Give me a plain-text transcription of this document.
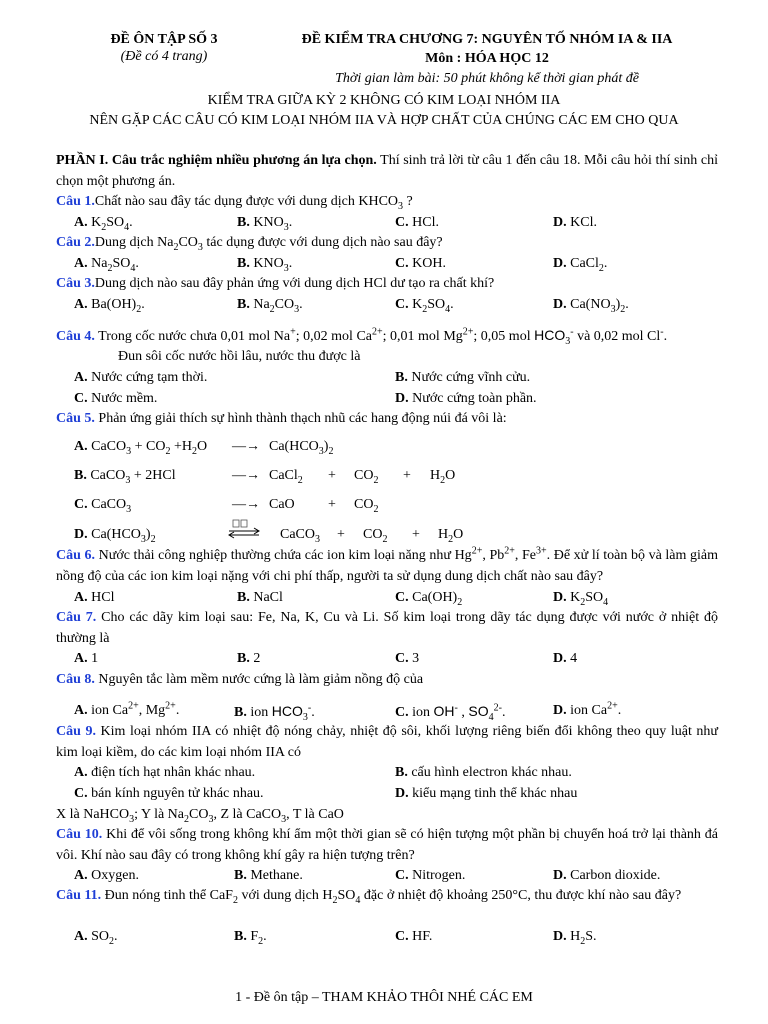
ĐỀ ÔN TẬP SỐ 3
(Đề có 4 trang)
ĐỀ KIỂM TRA CHƯƠNG 7: NGUYÊN TỐ NHÓM IA & IIA
Môn : HÓA HỌC 12
Thời gian làm bài: 50 phút không kể thời gian phát đề
KIỂM TRA GIỮA KỲ 2 KHÔNG CÓ KIM LOẠI NHÓM IIA
NÊN GẶP CÁC CÂU CÓ KIM LOẠI NHÓM IIA VÀ HỢP CHẤT CỦA CHÚNG CÁC EM CHO QUA
PHẦN I. Câu trắc nghiệm nhiều phương án lựa chọn. Thí sinh trả lời từ câu 1 đến câu 18. Mỗi câu hỏi thí sinh chỉ chọn một phương án.
Câu 1.Chất nào sau đây tác dụng được với dung dịch $KHCO_3$ ?
A. $K_2SO_4$.	B. $KNO_3$.	C. HCl.	D. KCl.
Câu 2.Dung dịch $Na_2CO_3$ tác dụng được với dung dịch nào sau đây?
A. $Na_2SO_4$.	B. $KNO_3$.	C. KOH.	D. CaCl$_2$.
Câu 3.Dung dịch nào sau đây phản ứng với dung dịch HCl dư tạo ra chất khí?
A. $Ba(OH)_2$.	B. $Na_2CO_3$.	C. $K_2SO_4$.	D. $Ca(NO_3)_2$.
Câu 4. Trong cốc nước chưa 0,01 mol Na+; 0,02 mol $Ca^{2+}$; 0,01 mol $Mg^{2+}$; 0,05 mol $HCO_3^-$ và 0,02 mol Cl-.
Đun sôi cốc nước hồi lâu, nước thu được là
A. Nước cứng tạm thời.	B. Nước cứng vĩnh cửu.
C. Nước mềm.	D. Nước cứng toàn phần.
Câu 5. Phản ứng giải thích sự hình thành thạch nhũ các hang động núi đá vôi là:
A. CaCO$_3$ + $CO_2 +H_2O$ —→ $Ca(HCO_3)_2$
B. CaCO$_3$ + 2HCl	—→ CaCl$_2$ + $CO_2 + H_2O$
C. CaCO$_3$	—→ CaO + $CO_2$
D. $Ca(HCO_3)_2$	CaCO$_3$ + $CO_2 + H_2O$
Câu 6. Nước thải công nghiệp thường chứa các ion kim loại năng như $Hg^{2+}$, $Pb^{2+}$, $Fe^{3+}$. Để xử lí toàn bộ và làm giảm nồng độ của các ion kim loại nặng với chi phí thấp, người ta sử dụng dung dịch chất nào sau đây?
A. HCl	B. NaCl	C. $Ca(OH)_2$	D. $K_2SO_4$
Câu 7. Cho các dãy kim loại sau: Fe, Na, K, Cu và Li. Số kim loại trong dãy tác dụng được với nước ở nhiệt độ thường là
A. 1	B. 2	C. 3	D. 4
Câu 8. Nguyên tắc làm mềm nước cứng là làm giảm nồng độ của
A. ion $Ca^{2+}$, $Mg^{2+}$.	B. ion $HCO_3^-$.	C. ion OH- , $SO_4^{2-}$.	D. ion $Ca^{2+}$.
Câu 9. Kim loại nhóm IIA có nhiệt độ nóng chảy, nhiệt độ sôi, khối lượng riêng biến đổi không theo quy luật như kim loại kiềm, do các kim loại nhóm IIA có
A. điện tích hạt nhân khác nhau.	B. cấu hình electron khác nhau.
C. bán kính nguyên tử khác nhau.	D. kiểu mạng tinh thể khác nhau
X là NaHCO$_3$; Y là $Na_2CO_3$, Z là CaCO$_3$, T là CaO
Câu 10. Khi để vôi sống trong không khí ẩm một thời gian sẽ có hiện tượng một phần bị chuyển hoá trở lại thành đá vôi. Khí nào sau đây có trong không khí gây ra hiện tượng trên?
A. Oxygen.	B. Methane.	C. Nitrogen.	D. Carbon dioxide.
Câu 11. Đun nóng tinh thể CaF$_2$ với dung dịch $H_2SO_4$ đặc ở nhiệt độ khoảng 250°C, thu được khí nào sau đây?
A. $SO_2$.	B. $F_2$.	C. HF.	D. $H_2S$.
1 - Đề ôn tập – THAM KHẢO THÔI NHÉ CÁC EM
